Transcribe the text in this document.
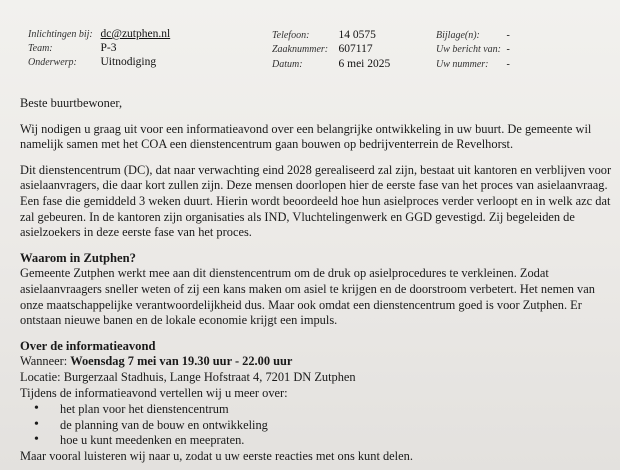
Inlichtingen bij: dc@zutphen.nl
Team:	P-3
Onderwerp: Uitnodiging
Telefoon:	14 0575
Zaaknummer: 607117
Datum:	6 mei 2025
Bijlage(n):	-
Uw bericht van: -
Uw nummer: -

Beste buurtbewoner,

Wij nodigen u graag uit voor een informatieavond over een belangrijke ontwikkeling in uw buurt. De gemeente wil namelijk samen met het COA een dienstencentrum gaan bouwen op bedrijventerrein de Revelhorst.

Dit dienstencentrum (DC), dat naar verwachting eind 2028 gerealiseerd zal zijn, bestaat uit kantoren en verblijven voor asielaanvragers, die daar kort zullen zijn. Deze mensen doorlopen hier de eerste fase van het proces van asielaanvraag. Een fase die gemiddeld 3 weken duurt. Hierin wordt beoordeeld hoe hun asielproces verder verloopt en in welk azc dat zal gebeuren. In de kantoren zijn organisaties als IND, Vluchtelingenwerk en GGD gevestigd. Zij begeleiden de asielzoekers in deze eerste fase van het proces.

Waarom in Zutphen?
Gemeente Zutphen werkt mee aan dit dienstencentrum om de druk op asielprocedures te verkleinen. Zodat asielaanvraagers sneller weten of zij een kans maken om asiel te krijgen en de doorstroom verbetert. Het nemen van onze maatschappelijke verantwoordelijkheid dus. Maar ook omdat een dienstencentrum goed is voor Zutphen. Er ontstaan nieuwe banen en de lokale economie krijgt een impuls.
Over de informatieavond
Wanneer: Woensdag 7 mei van 19.30 uur - 22.00 uur
Locatie: Burgerzaal Stadhuis, Lange Hofstraat 4, 7201 DN Zutphen
Tijdens de informatieavond vertellen wij u meer over:
• het plan voor het dienstencentrum
• de planning van de bouw en ontwikkeling
• hoe u kunt meedenken en meepraten.
Maar vooral luisteren wij naar u, zodat u uw eerste reacties met ons kunt delen.
